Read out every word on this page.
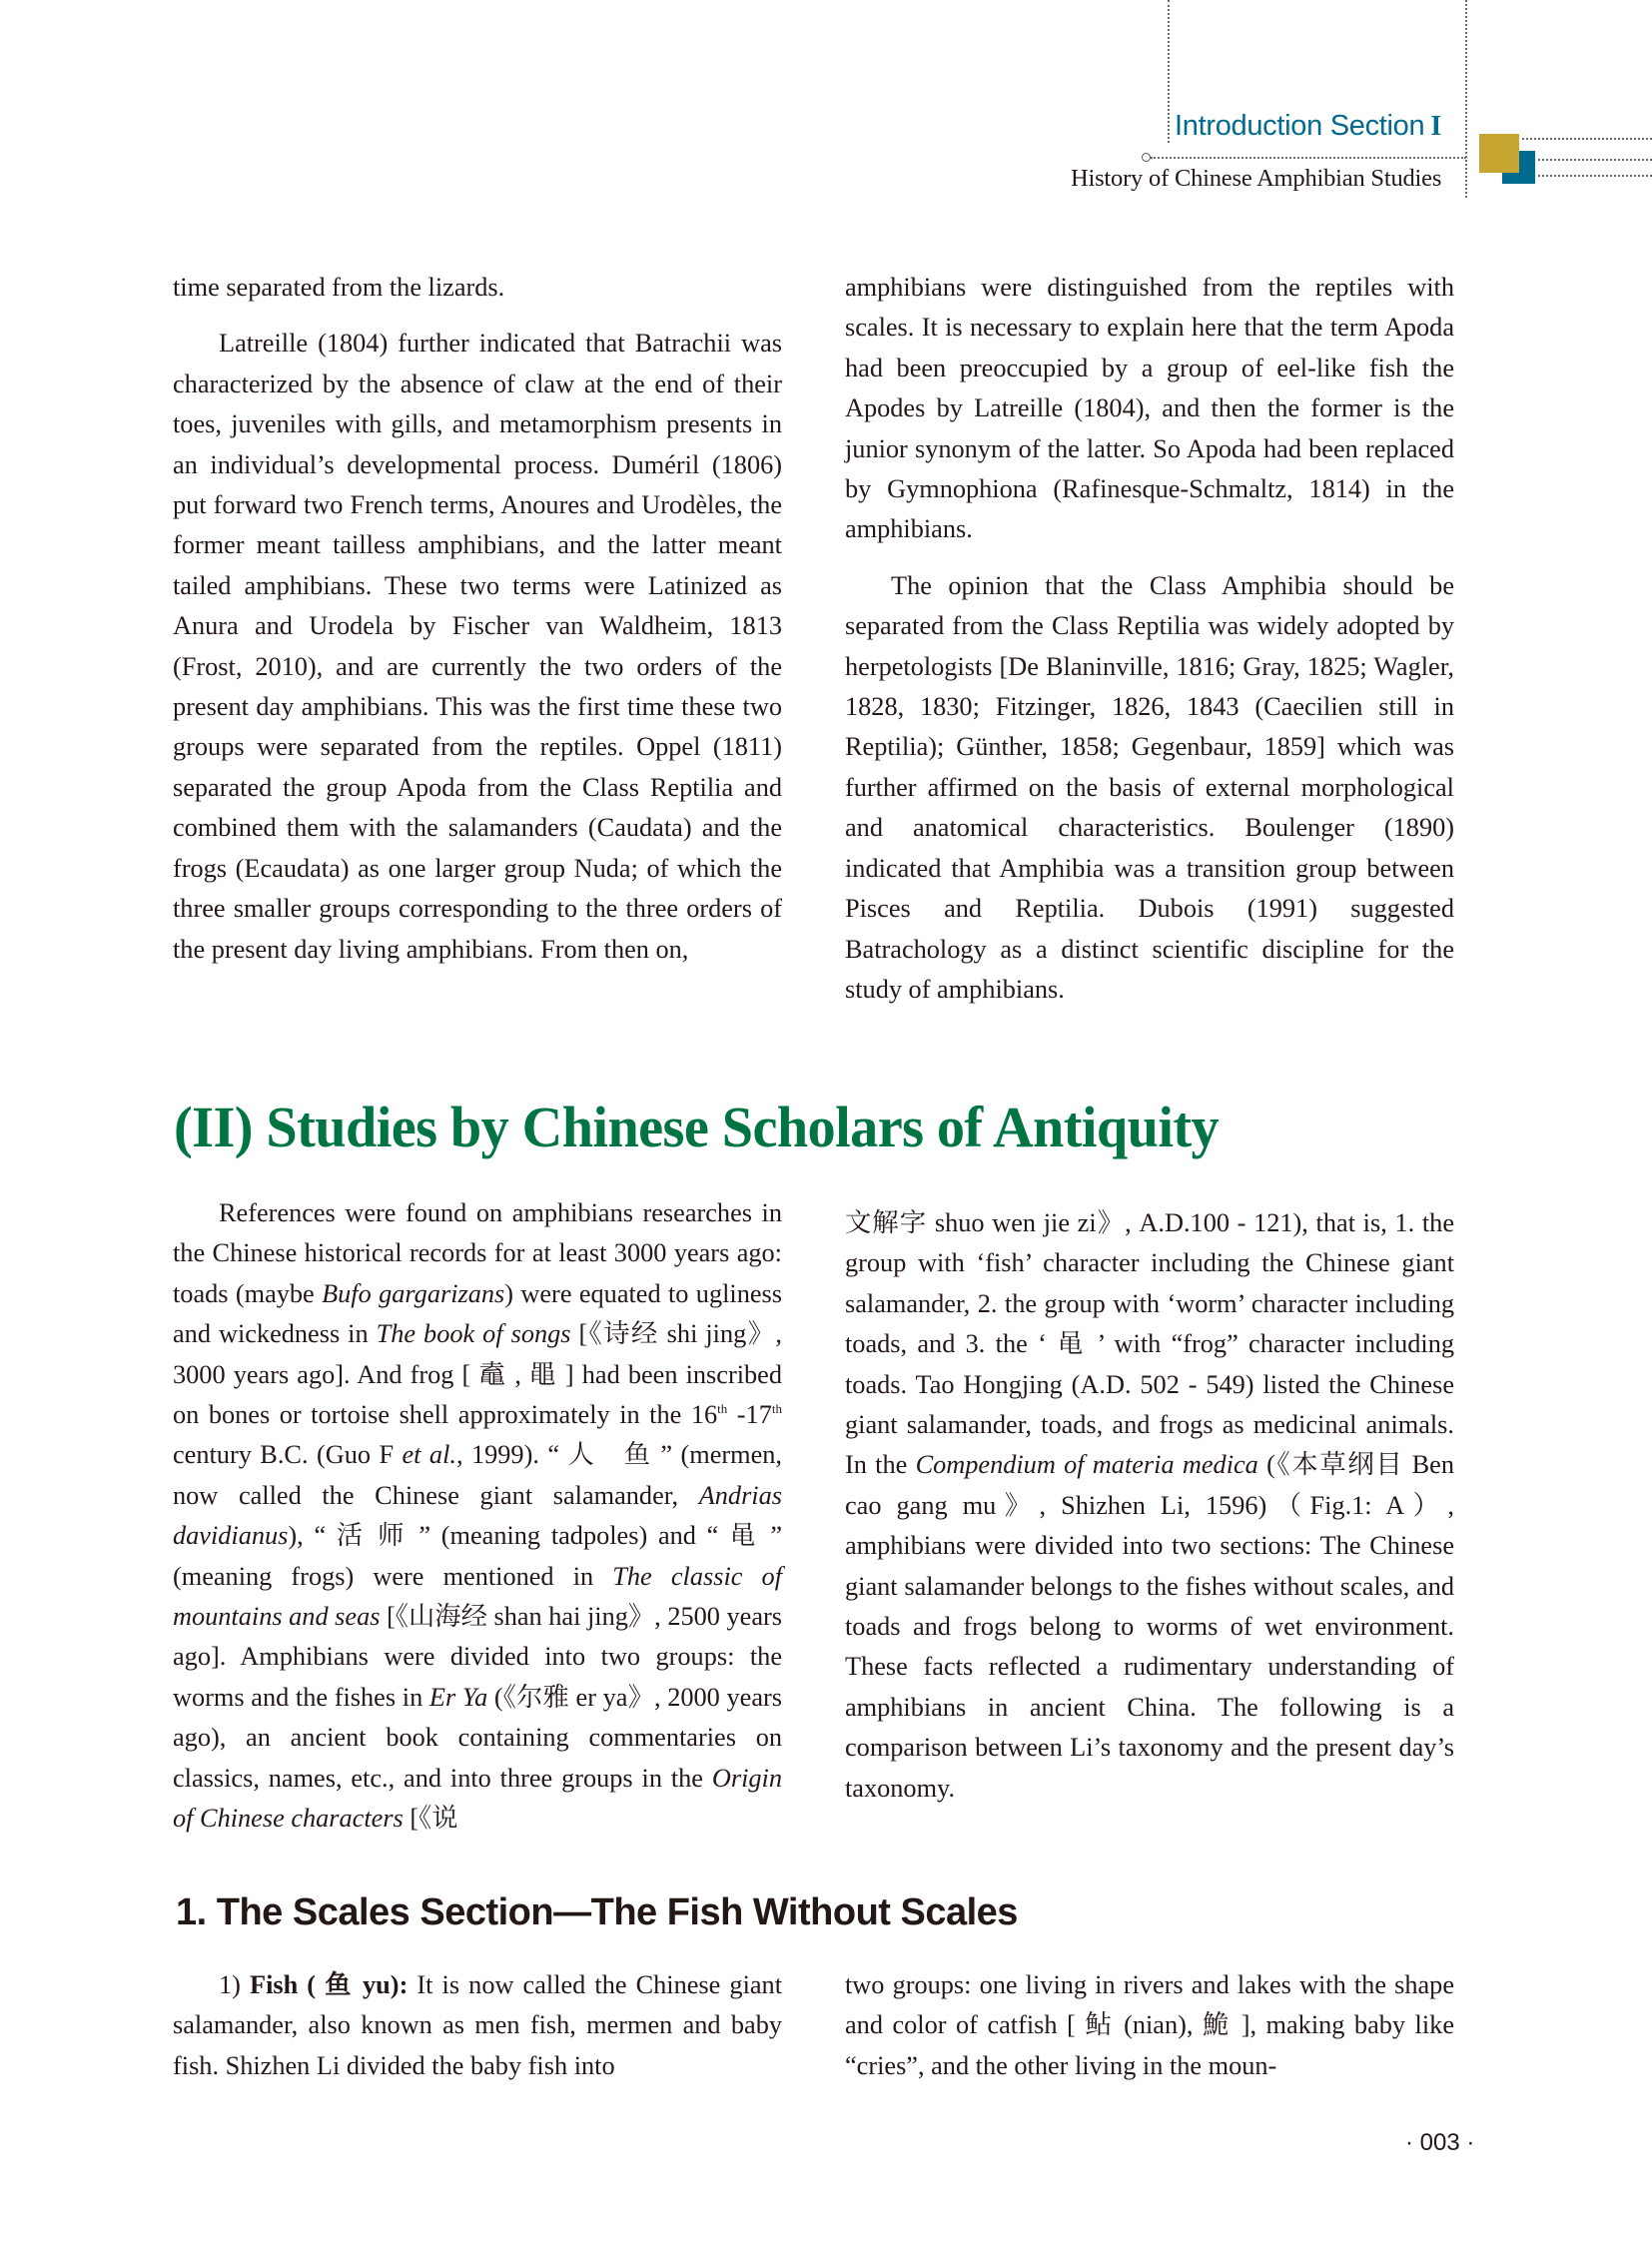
Introduction Section I
History of Chinese Amphibian Studies

time separated from the lizards.

Latreille (1804) further indicated that Batrachii was characterized by the absence of claw at the end of their toes, juveniles with gills, and metamorphism presents in an individual’s developmental process. Duméril (1806) put forward two French terms, Anoures and Urodèles, the former meant tailless amphibians, and the latter meant tailed amphibians. These two terms were Latinized as Anura and Urodela by Fischer van Waldheim, 1813 (Frost, 2010), and are currently the two orders of the present day amphibians. This was the first time these two groups were separated from the reptiles. Oppel (1811) separated the group Apoda from the Class Reptilia and combined them with the salamanders (Caudata) and the frogs (Ecaudata) as one larger group Nuda; of which the three smaller groups corresponding to the three orders of the present day living amphibians. From then on,

amphibians were distinguished from the reptiles with scales. It is necessary to explain here that the term Apoda had been preoccupied by a group of eel-like fish the Apodes by Latreille (1804), and then the former is the junior synonym of the latter. So Apoda had been replaced by Gymnophiona (Rafinesque-Schmaltz, 1814) in the amphibians.

The opinion that the Class Amphibia should be separated from the Class Reptilia was widely adopted by herpetologists [De Blaninville, 1816; Gray, 1825; Wagler, 1828, 1830; Fitzinger, 1826, 1843 (Caecilien still in Reptilia); Günther, 1858; Gegenbaur, 1859] which was further affirmed on the basis of external morphological and anatomical characteristics. Boulenger (1890) indicated that Amphibia was a transition group between Pisces and Reptilia. Dubois (1991) suggested Batrachology as a distinct scientific discipline for the study of amphibians.

(II) Studies by Chinese Scholars of Antiquity

References were found on amphibians researches in the Chinese historical records for at least 3000 years ago: toads (maybe Bufo gargarizans) were equated to ugliness and wickedness in The book of songs [《诗经 shi jing》, 3000 years ago]. And frog [ 鼁 , 黽 ] had been inscribed on bones or tortoise shell approximately in the 16th -17th century B.C. (Guo F et al., 1999). “ 人　鱼 ” (mermen, now called the Chinese giant salamander, Andrias davidianus), “ 活 师 ” (meaning tadpoles) and “ 黾 ” (meaning frogs) were mentioned in The classic of mountains and seas [《山海经 shan hai jing》, 2500 years ago]. Amphibians were divided into two groups: the worms and the fishes in Er Ya (《尔雅 er ya》, 2000 years ago), an ancient book containing commentaries on classics, names, etc., and into three groups in the Origin of Chinese characters [《说

文解字 shuo wen jie zi》, A.D.100 - 121), that is, 1. the group with ‘fish’ character including the Chinese giant salamander, 2. the group with ‘worm’ character including toads, and 3. the ‘ 黾 ’ with “frog” character including toads. Tao Hongjing (A.D. 502 - 549) listed the Chinese giant salamander, toads, and frogs as medicinal animals. In the Compendium of materia medica (《本草纲目 Ben cao gang mu》, Shizhen Li, 1596)（Fig.1: A）, amphibians were divided into two sections: The Chinese giant salamander belongs to the fishes without scales, and toads and frogs belong to worms of wet environment. These facts reflected a rudimentary understanding of amphibians in ancient China. The following is a comparison between Li’s taxonomy and the present day’s taxonomy.

1. The Scales Section—The Fish Without Scales

1) Fish ( 鱼 yu): It is now called the Chinese giant salamander, also known as men fish, mermen and baby fish. Shizhen Li divided the baby fish into

two groups: one living in rivers and lakes with the shape and color of catfish [ 鲇 (nian), 鮠 ], making baby like “cries”, and the other living in the moun-

· 003 ·
